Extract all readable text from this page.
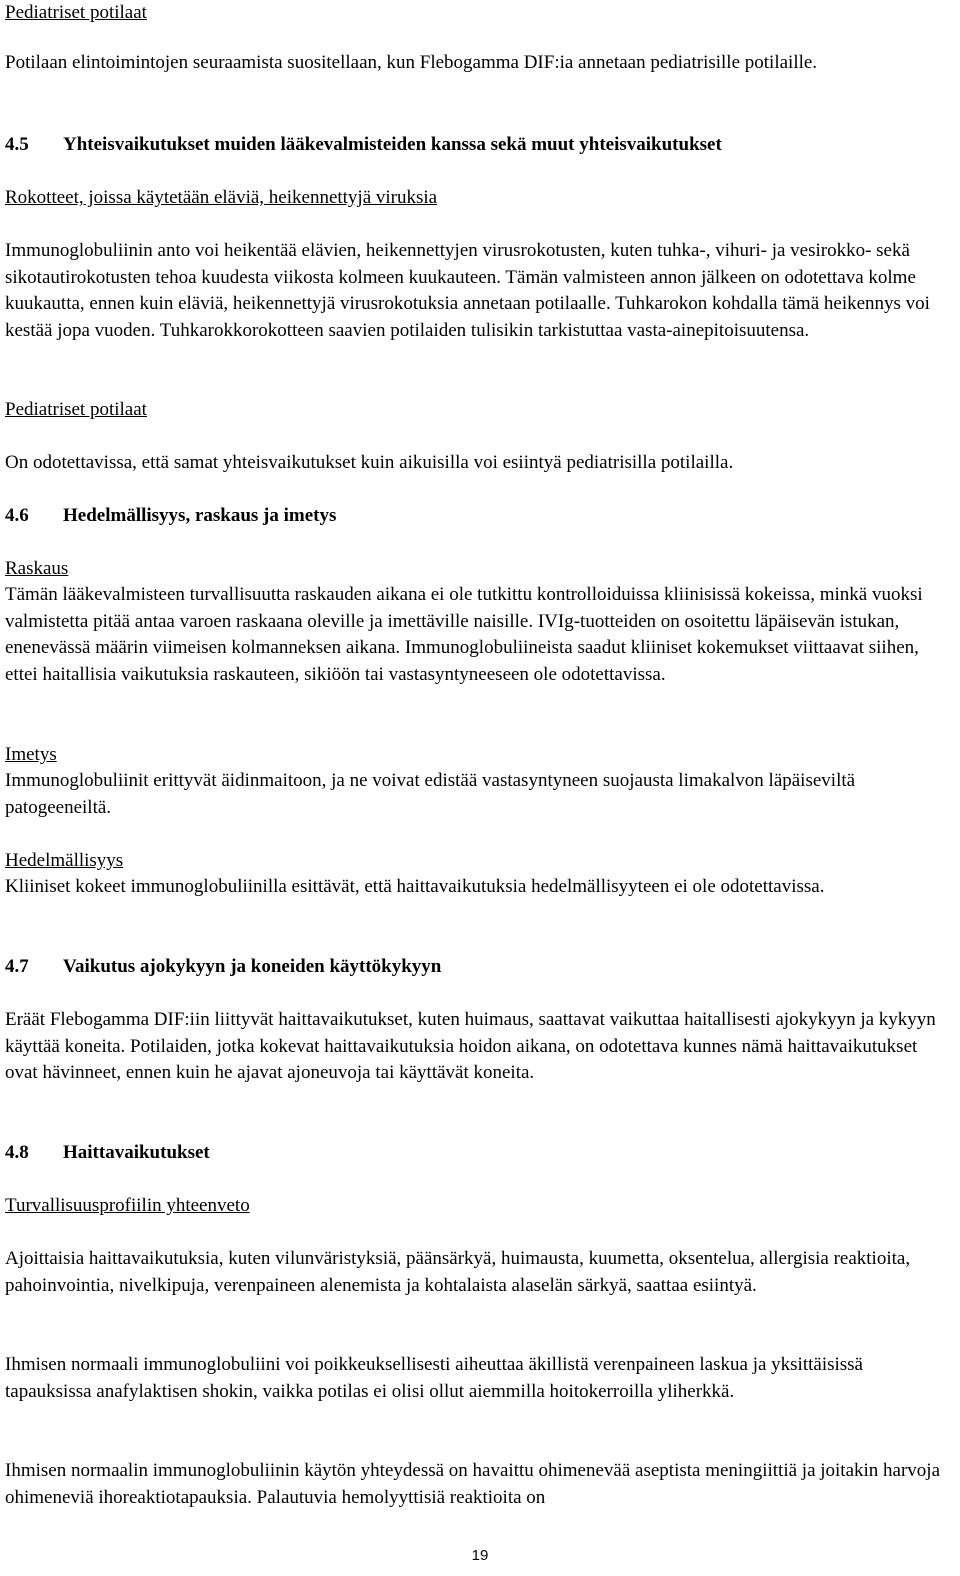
Pediatriset potilaat

Potilaan elintoimintojen seuraamista suositellaan, kun Flebogamma DIF:ia annetaan pediatrisille potilaille.

4.5 Yhteisvaikutukset muiden lääkevalmisteiden kanssa sekä muut yhteisvaikutukset

Rokotteet, joissa käytetään eläviä, heikennettyjä viruksia

Immunoglobuliinin anto voi heikentää elävien, heikennettyjen virusrokotusten, kuten tuhka-, vihuri- ja vesirokko- sekä sikotautirokotusten tehoa kuudesta viikosta kolmeen kuukauteen. Tämän valmisteen annon jälkeen on odotettava kolme kuukautta, ennen kuin eläviä, heikennettyjä virusrokotuksia annetaan potilaalle. Tuhkarokon kohdalla tämä heikennys voi kestää jopa vuoden. Tuhkarokkorokotteen saavien potilaiden tulisikin tarkistuttaa vasta-ainepitoisuutensa.

Pediatriset potilaat

On odotettavissa, että samat yhteisvaikutukset kuin aikuisilla voi esiintyä pediatrisilla potilailla.

4.6 Hedelmällisyys, raskaus ja imetys

Raskaus

Tämän lääkevalmisteen turvallisuutta raskauden aikana ei ole tutkittu kontrolloiduissa kliinisissä kokeissa, minkä vuoksi valmistetta pitää antaa varoen raskaana oleville ja imettäville naisille. IVIg-tuotteiden on osoitettu läpäisevän istukan, enenevässä määrin viimeisen kolmanneksen aikana. Immunoglobuliineista saadut kliiniset kokemukset viittaavat siihen, ettei haitallisia vaikutuksia raskauteen, sikiöön tai vastasyntyneeseen ole odotettavissa.

Imetys

Immunoglobuliinit erittyvät äidinmaitoon, ja ne voivat edistää vastasyntyneen suojausta limakalvon läpäiseviltä patogeeneiltä.

Hedelmällisyys

Kliiniset kokeet immunoglobuliinilla esittävät, että haittavaikutuksia hedelmällisyyteen ei ole odotettavissa.

4.7 Vaikutus ajokykyyn ja koneiden käyttökykyyn

Eräät Flebogamma DIF:iin liittyvät haittavaikutukset, kuten huimaus, saattavat vaikuttaa haitallisesti ajokykyyn ja kykyyn käyttää koneita. Potilaiden, jotka kokevat haittavaikutuksia hoidon aikana, on odotettava kunnes nämä haittavaikutukset ovat hävinneet, ennen kuin he ajavat ajoneuvoja tai käyttävät koneita.

4.8 Haittavaikutukset

Turvallisuusprofiilin yhteenveto

Ajoittaisia haittavaikutuksia, kuten vilunväristyksiä, päänsärkyä, huimausta, kuumetta, oksentelua, allergisia reaktioita, pahoinvointia, nivelkipuja, verenpaineen alenemista ja kohtalaista alaselän särkyä, saattaa esiintyä.

Ihmisen normaali immunoglobuliini voi poikkeuksellisesti aiheuttaa äkillistä verenpaineen laskua ja yksittäisissä tapauksissa anafylaktisen shokin, vaikka potilas ei olisi ollut aiemmilla hoitokerroilla yliherkkä.

Ihmisen normaalin immunoglobuliinin käytön yhteydessä on havaittu ohimenevää aseptista meningiittiä ja joitakin harvoja ohimeneviä ihoreaktiotapauksia. Palautuvia hemolyyttisiä reaktioita on

19
